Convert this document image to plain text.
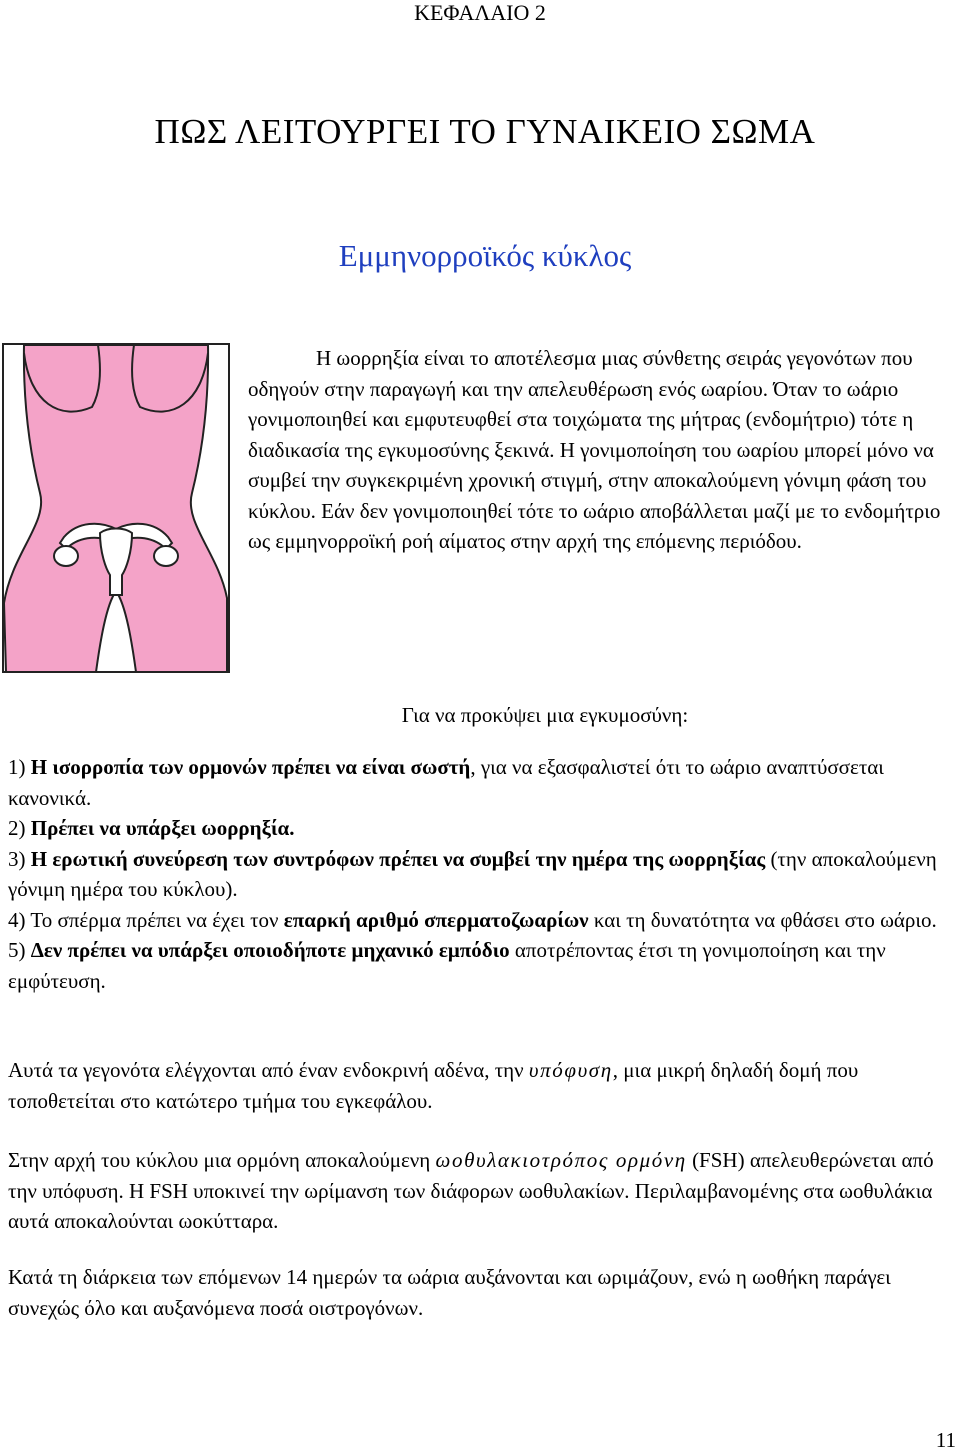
ΚΕΦΑΛΑΙΟ 2
ΠΩΣ ΛΕΙΤΟΥΡΓΕΙ ΤΟ ΓΥΝΑΙΚΕΙΟ ΣΩΜΑ
Εμμηνορροϊκός κύκλος
Η ωορρηξία είναι το αποτέλεσμα μιας σύνθετης σειράς γεγονότων που οδηγούν στην παραγωγή και την απελευθέρωση ενός ωαρίου. Όταν το ωάριο γονιμοποιηθεί και εμφυτευφθεί στα τοιχώματα της μήτρας (ενδομήτριο) τότε η διαδικασία της εγκυμοσύνης ξεκινά. Η γονιμοποίηση του ωαρίου μπορεί μόνο να συμβεί την συγκεκριμένη χρονική στιγμή, στην αποκαλούμενη γόνιμη φάση του κύκλου. Εάν δεν γονιμοποιηθεί τότε το ωάριο αποβάλλεται μαζί με το ενδομήτριο ως εμμηνορροϊκή ροή αίματος στην αρχή της επόμενης περιόδου.
Για να προκύψει μια εγκυμοσύνη:

1) Η ισορροπία των ορμονών πρέπει να είναι σωστή, για να εξασφαλιστεί ότι το ωάριο αναπτύσσεται κανονικά.

2) Πρέπει να υπάρξει ωορρηξία.

3) Η ερωτική συνεύρεση των συντρόφων πρέπει να συμβεί την ημέρα της ωορρηξίας (την αποκαλούμενη γόνιμη ημέρα του κύκλου).

4) Το σπέρμα πρέπει να έχει τον επαρκή αριθμό σπερματοζωαρίων και τη δυνατότητα να φθάσει στο ωάριο.

5) Δεν πρέπει να υπάρξει οποιοδήποτε μηχανικό εμπόδιο αποτρέποντας έτσι τη γονιμοποίηση και την εμφύτευση.

Αυτά τα γεγονότα ελέγχονται από έναν ενδοκρινή αδένα, την υπόφυση, μια μικρή δηλαδή δομή που τοποθετείται στο κατώτερο τμήμα του εγκεφάλου.
Στην αρχή του κύκλου μια ορμόνη αποκαλούμενη ωοθυλακιοτρόπος ορμόνη (FSH) απελευθερώνεται από την υπόφυση. Η FSH υποκινεί την ωρίμανση των διάφορων ωοθυλακίων. Περιλαμβανομένης στα ωοθυλάκια αυτά αποκαλούνται ωοκύτταρα.
Κατά τη διάρκεια των επόμενων 14 ημερών τα ωάρια αυξάνονται και ωριμάζουν, ενώ η ωοθήκη παράγει συνεχώς όλο και αυξανόμενα ποσά οιστρογόνων.
11
